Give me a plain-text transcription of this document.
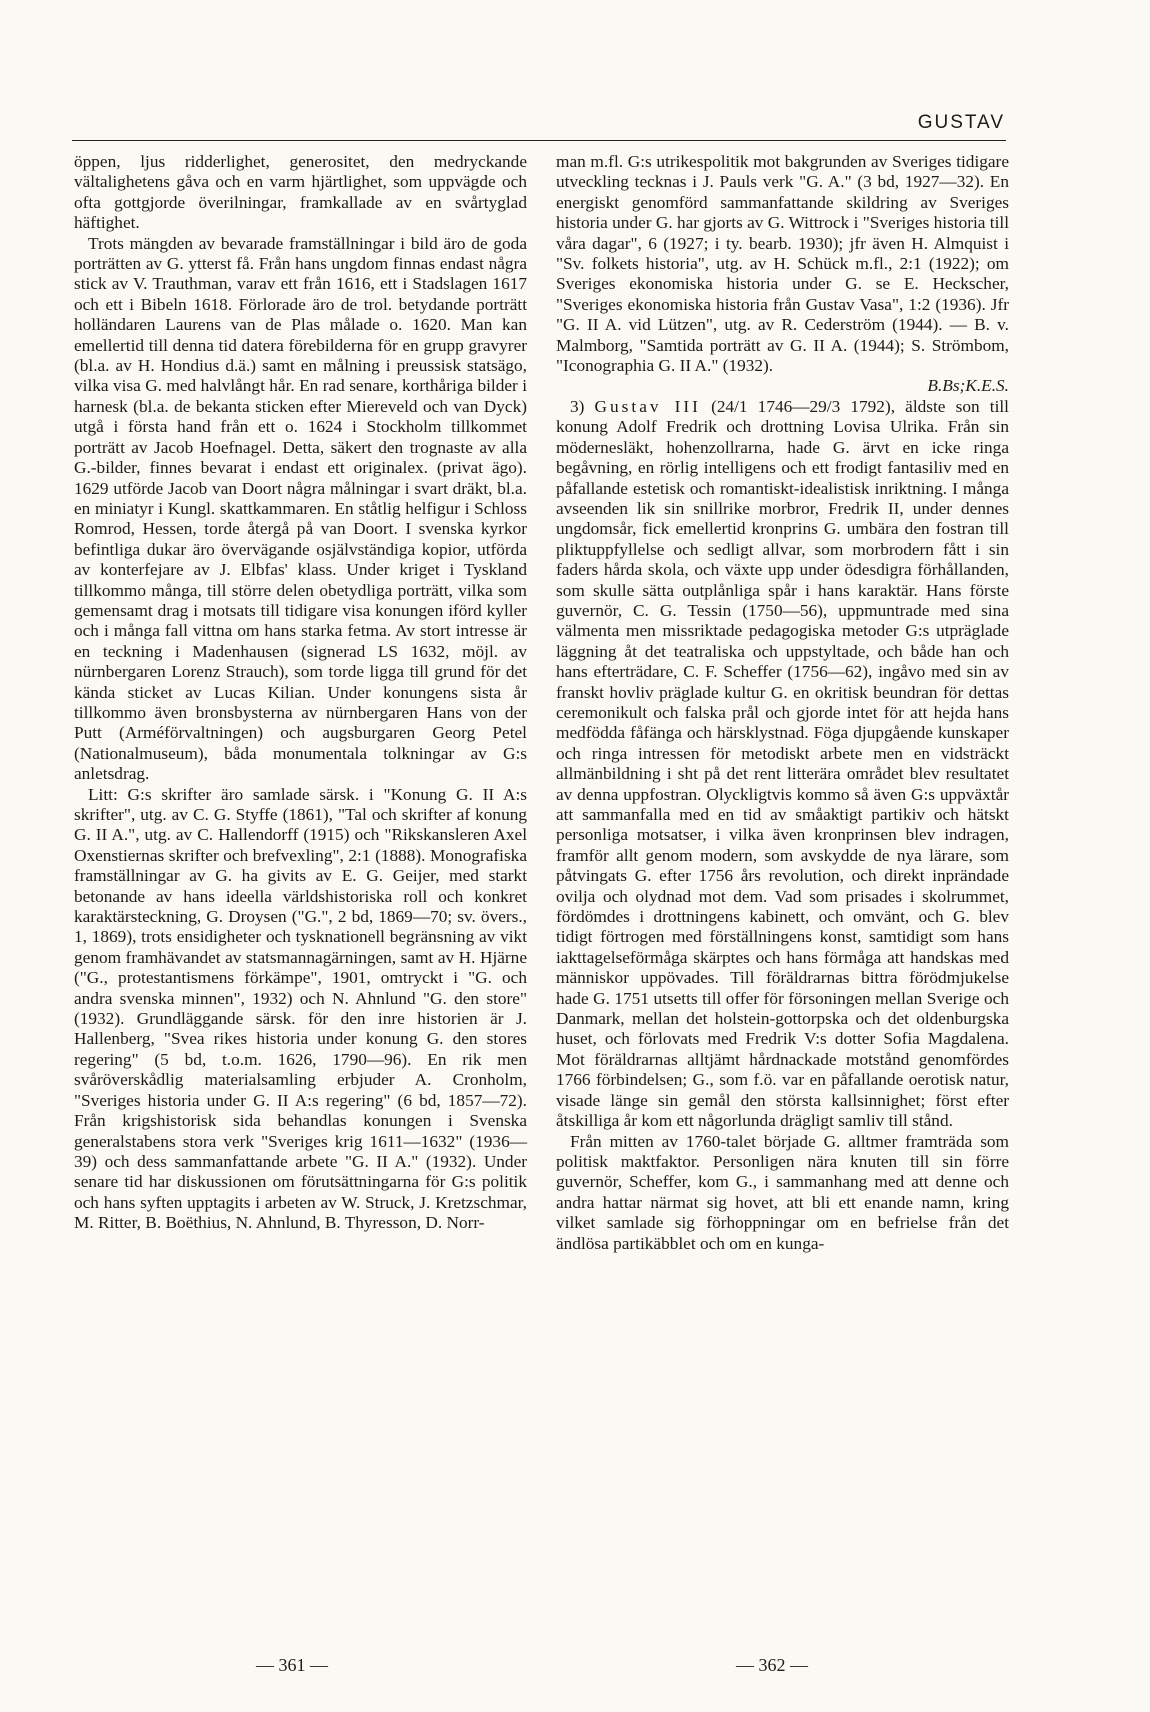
GUSTAV

öppen, ljus ridderlighet, generositet, den medryckande vältalighetens gåva och en varm hjärtlighet, som uppvägde och ofta gottgjorde överilningar, framkallade av en svårtyglad häftighet.

Trots mängden av bevarade framställningar i bild äro de goda porträtten av G. ytterst få. Från hans ungdom finnas endast några stick av V. Trauthman, varav ett från 1616, ett i Stadslagen 1617 och ett i Bibeln 1618. Förlorade äro de trol. betydande porträtt holländaren Laurens van de Plas målade o. 1620. Man kan emellertid till denna tid datera förebilderna för en grupp gravyrer (bl.a. av H. Hondius d.ä.) samt en målning i preussisk statsägo, vilka visa G. med halvlångt hår. En rad senare, korthåriga bilder i harnesk (bl.a. de bekanta sticken efter Miereveld och van Dyck) utgå i första hand från ett o. 1624 i Stockholm tillkommet porträtt av Jacob Hoefnagel. Detta, säkert den trognaste av alla G.-bilder, finnes bevarat i endast ett originalex. (privat ägo). 1629 utförde Jacob van Doort några målningar i svart dräkt, bl.a. en miniatyr i Kungl. skattkammaren. En ståtlig helfigur i Schloss Romrod, Hessen, torde återgå på van Doort. I svenska kyrkor befintliga dukar äro övervägande osjälvständiga kopior, utförda av konterfejare av J. Elbfas' klass. Under kriget i Tyskland tillkommo många, till större delen obetydliga porträtt, vilka som gemensamt drag i motsats till tidigare visa konungen iförd kyller och i många fall vittna om hans starka fetma. Av stort intresse är en teckning i Madenhausen (signerad LS 1632, möjl. av nürnbergaren Lorenz Strauch), som torde ligga till grund för det kända sticket av Lucas Kilian. Under konungens sista år tillkommo även bronsbysterna av nürnbergaren Hans von der Putt (Arméförvaltningen) och augsburgaren Georg Petel (Nationalmuseum), båda monumentala tolkningar av G:s anletsdrag.

Litt: G:s skrifter äro samlade särsk. i "Konung G. II A:s skrifter", utg. av C. G. Styffe (1861), "Tal och skrifter af konung G. II A.", utg. av C. Hallendorff (1915) och "Rikskansleren Axel Oxenstiernas skrifter och brefvexling", 2:1 (1888). Monografiska framställningar av G. ha givits av E. G. Geijer, med starkt betonande av hans ideella världshistoriska roll och konkret karaktärsteckning, G. Droysen ("G.", 2 bd, 1869—70; sv. övers., 1, 1869), trots ensidigheter och tysknationell begränsning av vikt genom framhävandet av statsmannagärningen, samt av H. Hjärne ("G., protestantismens förkämpe", 1901, omtryckt i "G. och andra svenska minnen", 1932) och N. Ahnlund "G. den store" (1932). Grundläggande särsk. för den inre historien är J. Hallenberg, "Svea rikes historia under konung G. den stores regering" (5 bd, t.o.m. 1626, 1790—96). En rik men svåröverskådlig materialsamling erbjuder A. Cronholm, "Sveriges historia under G. II A:s regering" (6 bd, 1857—72). Från krigshistorisk sida behandlas konungen i Svenska generalstabens stora verk "Sveriges krig 1611—1632" (1936—39) och dess sammanfattande arbete "G. II A." (1932). Under senare tid har diskussionen om förutsättningarna för G:s politik och hans syften upptagits i arbeten av W. Struck, J. Kretzschmar, M. Ritter, B. Boëthius, N. Ahnlund, B. Thyresson, D. Norr-

man m.fl. G:s utrikespolitik mot bakgrunden av Sveriges tidigare utveckling tecknas i J. Pauls verk "G. A." (3 bd, 1927—32). En energiskt genomförd sammanfattande skildring av Sveriges historia under G. har gjorts av G. Wittrock i "Sveriges historia till våra dagar", 6 (1927; i ty. bearb. 1930); jfr även H. Almquist i "Sv. folkets historia", utg. av H. Schück m.fl., 2:1 (1922); om Sveriges ekonomiska historia under G. se E. Heckscher, "Sveriges ekonomiska historia från Gustav Vasa", 1:2 (1936). Jfr "G. II A. vid Lützen", utg. av R. Cederström (1944). — B. v. Malmborg, "Samtida porträtt av G. II A. (1944); S. Strömbom, "Iconographia G. II A." (1932).

B.Bs;K.E.S.

3) Gustav III (24/1 1746—29/3 1792), äldste son till konung Adolf Fredrik och drottning Lovisa Ulrika. Från sin mödernesläkt, hohenzollrarna, hade G. ärvt en icke ringa begåvning, en rörlig intelligens och ett frodigt fantasiliv med en påfallande estetisk och romantiskt-idealistisk inriktning. I många avseenden lik sin snillrike morbror, Fredrik II, under dennes ungdomsår, fick emellertid kronprins G. umbära den fostran till pliktuppfyllelse och sedligt allvar, som morbrodern fått i sin faders hårda skola, och växte upp under ödesdigra förhållanden, som skulle sätta outplånliga spår i hans karaktär. Hans förste guvernör, C. G. Tessin (1750—56), uppmuntrade med sina välmenta men missriktade pedagogiska metoder G:s utpräglade läggning åt det teatraliska och uppstyltade, och både han och hans efterträdare, C. F. Scheffer (1756—62), ingåvo med sin av franskt hovliv präglade kultur G. en okritisk beundran för dettas ceremonikult och falska prål och gjorde intet för att hejda hans medfödda fåfänga och härsklystnad. Föga djupgående kunskaper och ringa intressen för metodiskt arbete men en vidsträckt allmänbildning i sht på det rent litterära området blev resultatet av denna uppfostran. Olyckligtvis kommo så även G:s uppväxtår att sammanfalla med en tid av småaktigt partikiv och hätskt personliga motsatser, i vilka även kronprinsen blev indragen, framför allt genom modern, som avskydde de nya lärare, som påtvingats G. efter 1756 års revolution, och direkt inprändade ovilja och olydnad mot dem. Vad som prisades i skolrummet, fördömdes i drottningens kabinett, och omvänt, och G. blev tidigt förtrogen med förställningens konst, samtidigt som hans iakttagelseförmåga skärptes och hans förmåga att handskas med människor uppövades. Till föräldrarnas bittra förödmjukelse hade G. 1751 utsetts till offer för försoningen mellan Sverige och Danmark, mellan det holstein-gottorpska och det oldenburgska huset, och förlovats med Fredrik V:s dotter Sofia Magdalena. Mot föräldrarnas alltjämt hårdnackade motstånd genomfördes 1766 förbindelsen; G., som f.ö. var en påfallande oerotisk natur, visade länge sin gemål den största kallsinnighet; först efter åtskilliga år kom ett någorlunda drägligt samliv till stånd.

Från mitten av 1760-talet började G. alltmer framträda som politisk maktfaktor. Personligen nära knuten till sin förre guvernör, Scheffer, kom G., i sammanhang med att denne och andra hattar närmat sig hovet, att bli ett enande namn, kring vilket samlade sig förhoppningar om en befrielse från det ändlösa partikäbblet och om en kunga-

— 361 —	— 362 —
